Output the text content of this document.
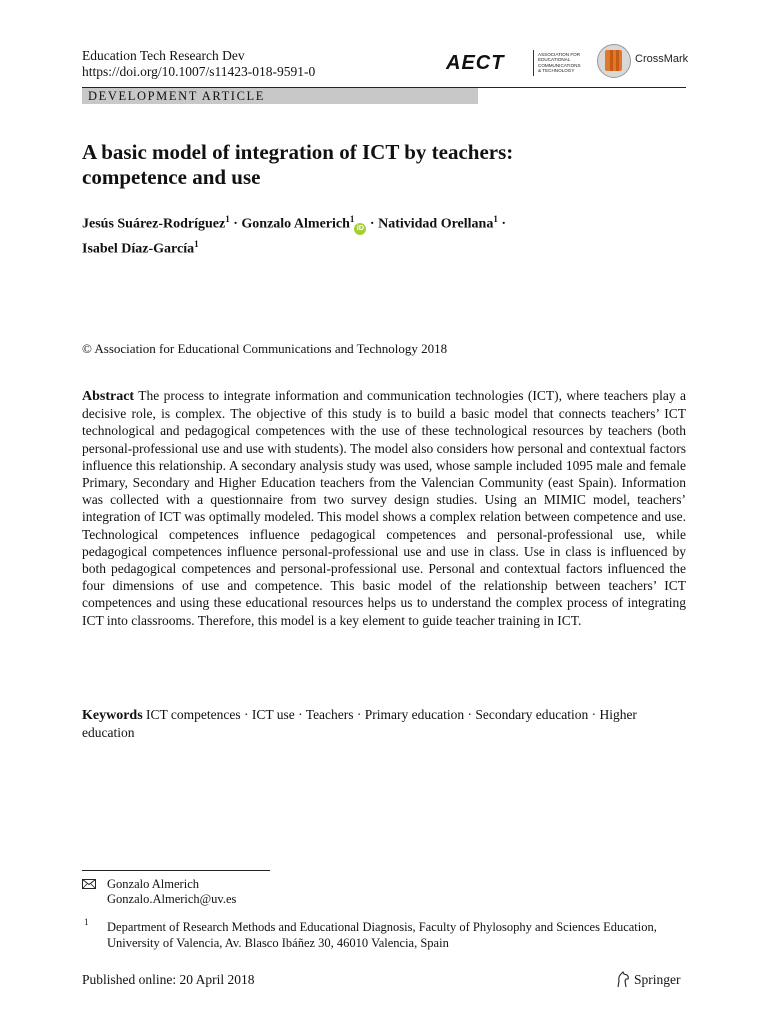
Education Tech Research Dev
https://doi.org/10.1007/s11423-018-9591-0	AECT	ASSOCIATION FOR
EDUCATIONAL
COMMUNICATIONS
& TECHNOLOGY
CrossMark
DEVELOPMENT ARTICLE
A basic model of integration of ICT by teachers:
competence and use
Jesús Suárez-Rodríguez$^1$ · Gonzalo Almerich$^1$iD · Natividad Orellana$^1$ ·
Isabel Díaz-García$^1$
© Association for Educational Communications and Technology 2018
Abstract The process to integrate information and communication technologies (ICT), where teachers play a decisive role, is complex. The objective of this study is to build a basic model that connects teachers’ ICT technological and pedagogical competences with the use of these technological resources by teachers (both personal-professional use and use with students). The model also considers how personal and contextual factors influence this relationship. A secondary analysis study was used, whose sample included 1095 male and female Primary, Secondary and Higher Education teachers from the Valencian Community (east Spain). Information was collected with a questionnaire from two survey design studies. Using an MIMIC model, teachers’ integration of ICT was optimally modeled. This model shows a complex relation between competence and use. Technological competences influence pedagogical competences and personal-professional use, while pedagogical competences influence personal-professional use and use in class. Use in class is influenced by both pedagogical competences and personal-professional use. Personal and contextual factors influenced the four dimensions of use and competence. This basic model of the relationship between teachers’ ICT competences and using these educational resources helps us to understand the complex process of integrating ICT into classrooms. Therefore, this model is a key element to guide teacher training in ICT.
Keywords ICT competences · ICT use · Teachers · Primary education · Secondary education · Higher education
Gonzalo Almerich
Gonzalo.Almerich@uv.es
1 Department of Research Methods and Educational Diagnosis, Faculty of Phylosophy and Sciences Education, University of Valencia, Av. Blasco Ibáñez 30, 46010 Valencia, Spain
Published online: 20 April 2018	Springer
